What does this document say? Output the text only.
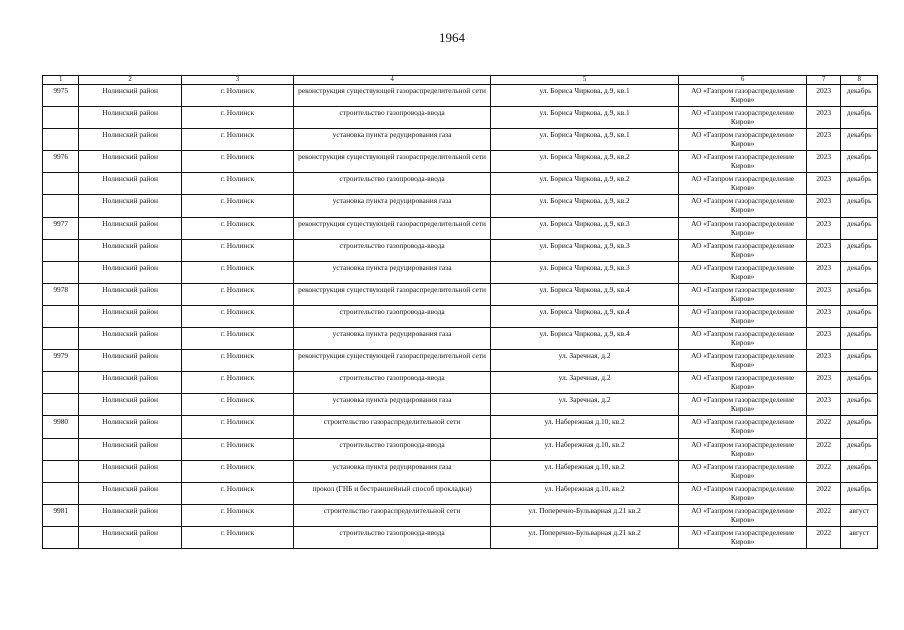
1964
1	2	3	4	5	6	7	8
9975	Нолинский район	г. Нолинск	реконструкция существующей газораспределительной сети	ул. Бориса Чиркова, д.9, кв.1	АО «Газпром газораспределение Киров»	2023	декабрь
	Нолинский район	г. Нолинск	строительство газопровода-ввода	ул. Бориса Чиркова, д.9, кв.1	АО «Газпром газораспределение Киров»	2023	декабрь
	Нолинский район	г. Нолинск	установка пункта редуцирования газа	ул. Бориса Чиркова, д.9, кв.1	АО «Газпром газораспределение Киров»	2023	декабрь
9976	Нолинский район	г. Нолинск	реконструкция существующей газораспределительной сети	ул. Бориса Чиркова, д.9, кв.2	АО «Газпром газораспределение Киров»	2023	декабрь
	Нолинский район	г. Нолинск	строительство газопровода-ввода	ул. Бориса Чиркова, д.9, кв.2	АО «Газпром газораспределение Киров»	2023	декабрь
	Нолинский район	г. Нолинск	установка пункта редуцирования газа	ул. Бориса Чиркова, д.9, кв.2	АО «Газпром газораспределение Киров»	2023	декабрь
9977	Нолинский район	г. Нолинск	реконструкция существующей газораспределительной сети	ул. Бориса Чиркова, д.9, кв.3	АО «Газпром газораспределение Киров»	2023	декабрь
	Нолинский район	г. Нолинск	строительство газопровода-ввода	ул. Бориса Чиркова, д.9, кв.3	АО «Газпром газораспределение Киров»	2023	декабрь
	Нолинский район	г. Нолинск	установка пункта редуцирования газа	ул. Бориса Чиркова, д.9, кв.3	АО «Газпром газораспределение Киров»	2023	декабрь
9978	Нолинский район	г. Нолинск	реконструкция существующей газораспределительной сети	ул. Бориса Чиркова, д.9, кв.4	АО «Газпром газораспределение Киров»	2023	декабрь
	Нолинский район	г. Нолинск	строительство газопровода-ввода	ул. Бориса Чиркова, д.9, кв.4	АО «Газпром газораспределение Киров»	2023	декабрь
	Нолинский район	г. Нолинск	установка пункта редуцирования газа	ул. Бориса Чиркова, д.9, кв.4	АО «Газпром газораспределение Киров»	2023	декабрь
9979	Нолинский район	г. Нолинск	реконструкция существующей газораспределительной сети	ул. Заречная, д.2	АО «Газпром газораспределение Киров»	2023	декабрь
	Нолинский район	г. Нолинск	строительство газопровода-ввода	ул. Заречная, д.2	АО «Газпром газораспределение Киров»	2023	декабрь
	Нолинский район	г. Нолинск	установка пункта редуцирования газа	ул. Заречная, д.2	АО «Газпром газораспределение Киров»	2023	декабрь
9980	Нолинский район	г. Нолинск	строительство газораспределительной сети	ул. Набережная д.10, кв.2	АО «Газпром газораспределение Киров»	2022	декабрь
	Нолинский район	г. Нолинск	строительство газопровода-ввода	ул. Набережная д.10, кв.2	АО «Газпром газораспределение Киров»	2022	декабрь
	Нолинский район	г. Нолинск	установка пункта редуцирования газа	ул. Набережная д.10, кв.2	АО «Газпром газораспределение Киров»	2022	декабрь
	Нолинский район	г. Нолинск	прокол (ГНБ и бестраншейный способ прокладки)	ул. Набережная д.10, кв.2	АО «Газпром газораспределение Киров»	2022	декабрь
9981	Нолинский район	г. Нолинск	строительство газораспределительной сети	ул. Поперечно-Бульварная д.21 кв.2	АО «Газпром газораспределение Киров»	2022	август
	Нолинский район	г. Нолинск	строительство газопровода-ввода	ул. Поперечно-Бульварная д.21 кв.2	АО «Газпром газораспределение Киров»	2022	август
